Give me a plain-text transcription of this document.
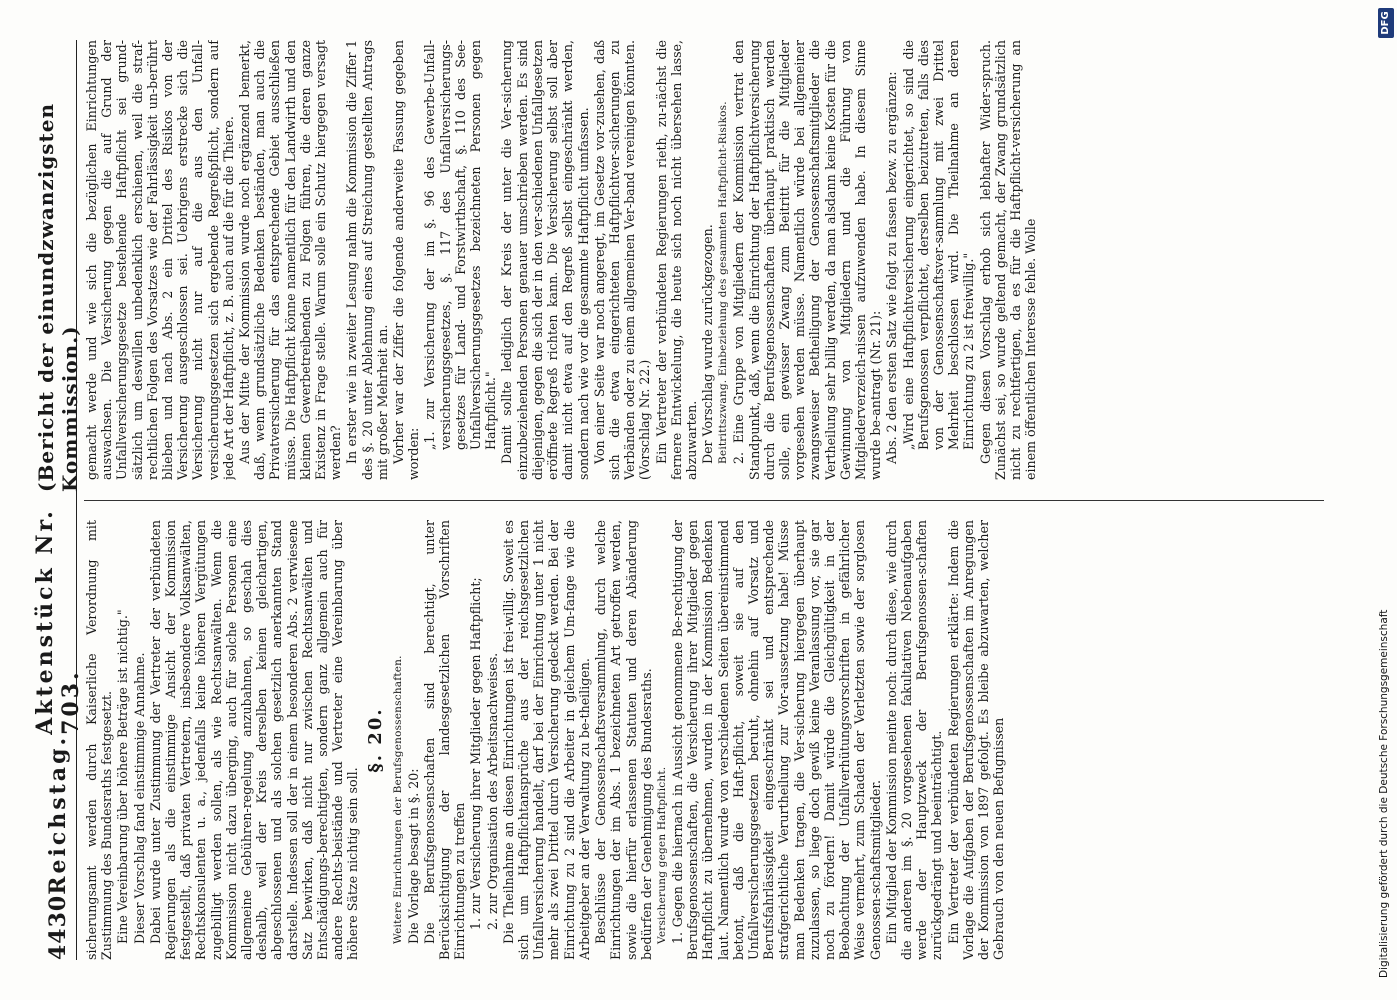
4430
Reichstag.
Aktenstück Nr. 703.
(Bericht der einundzwanzigsten Kommission.)

sicherungsamt werden durch Kaiserliche Verordnung mit Zustimmung des Bundesraths festgesetzt. Eine Vereinbarung über höhere Beträge ist nichtig." Dieser Vorschlag fand einstimmige Annahme. Dabei wurde unter Zustimmung der Vertreter der verbündeten Regierungen als die einstimmige Ansicht der Kommission festgestellt, daß privaten Vertretern, insbesondere Volksanwälten, Rechtskonsulenten u. a., jedenfalls keine höheren Vergütungen zugebilligt werden sollen, als wie Rechtsanwälten. Wenn die Kommission nicht dazu überging, auch für solche Personen eine allgemeine Gebühren-regelung anzubahnen, so geschah dies deshalb, weil der Kreis derselben keinen gleichartigen, abgeschlossenen und als solchen gesetzlich anerkannten Stand darstelle. Indessen soll der in einem besonderen Abs. 2 verwiesene Satz bewirken, daß nicht nur zwischen Rechtsanwälten und Entschädigungs-berechtigten, sondern ganz allgemein auch für andere Rechts-beistände und Vertreter eine Vereinbarung über höhere Sätze nichtig sein soll.

§. 20. Weitere Einrichtungen der Berufsgenossenschaften. Die Vorlage besagt in §. 20: Die Berufsgenossenschaften sind berechtigt, unter Berücksichtigung der landesgesetzlichen Vorschriften Einrichtungen zu treffen 1. zur Versicherung ihrer Mitglieder gegen Haftpflicht; 2. zur Organisation des Arbeitsnachweises. Die Theilnahme an diesen Einrichtungen ist frei-willig. Soweit es sich um Haftpflichtansprüche aus der reichsgesetzlichen Unfallversicherung handelt, darf bei der Einrichtung unter 1 nicht mehr als zwei Drittel durch Versicherung gedeckt werden. Bei der Einrichtung zu 2 sind die Arbeiter in gleichem Um-fange wie die Arbeitgeber an der Verwaltung zu be-theiligen. Beschlüsse der Genossenschaftsversammlung, durch welche Einrichtungen der im Abs. 1 bezeichneten Art getroffen werden, sowie die hierfür erlassenen Statuten und deren Abänderung bedürfen der Genehmigung des Bundesraths. Versicherung gegen Haftpflicht. 1. Gegen die hiernach in Aussicht genommene Be-rechtigung der Berufsgenossenschaften, die Versicherung ihrer Mitglieder gegen Haftpflicht zu übernehmen, wurden in der Kommission Bedenken laut. Namentlich wurde von verschiedenen Seiten übereinstimmend betont, daß die Haft-pflicht, soweit sie auf den Unfallversicherungsgesetzen beruht, ohnehin auf Vorsatz und Berufsfahrlässigkeit eingeschränkt sei und entsprechende strafgerichtliche Verurtheilung zur Vor-aussetzung habe! Müsse man Bedenken tragen, die Ver-sicherung hiergegen überhaupt zuzulassen, so liege doch gewiß keine Veranlassung vor, sie gar noch zu fördern! Damit würde die Gleichgültigkeit in der Beobachtung der Unfallverhütungsvorschriften in gefährlicher Weise vermehrt, zum Schaden der Verletzten sowie der sorglosen Genossen-schaftsmitglieder. Ein Mitglied der Kommission meinte noch: durch diese, wie durch die anderen im §. 20 vorgesehenen fakultativen Nebenaufgaben werde der Hauptzweck der Berufsgenossen-schaften zurückgedrängt und beeinträchtigt. Ein Vertreter der verbündeten Regierungen erklärte: Indem die Vorlage die Aufgaben der Berufsgenossenschaften im Anregungen der Kommission von 1897 gefolgt. Es bleibe abzuwarten, welcher Gebrauch von den neuen Befugnissen

gemacht werde und wie sich die bezüglichen Einrichtungen auswachsen. Die Versicherung gegen die auf Grund der Unfallversicherungsgesetze bestehende Haftpflicht sei grund-sätzlich um deswillen unbedenklich erschienen, weil die straf-rechtlichen Folgen des Vorsatzes wie der Fahrlässigkeit un-berührt blieben und nach Abs. 2 ein Drittel des Risikos von der Versicherung ausgeschlossen sei. Uebrigens erstrecke sich die Versicherung nicht nur auf die aus den Unfall-versicherungsgesetzen sich ergebende Regreßpflicht, sondern auf jede Art der Haftpflicht, z. B. auch auf die für die Thiere. Aus der Mitte der Kommission wurde noch ergänzend bemerkt, daß, wenn grundsätzliche Bedenken beständen, man auch die Privatversicherung für das entsprechende Gebiet ausschließen müsse. Die Haftpflicht könne namentlich für den Landwirth und den kleinen Gewerbetreibenden zu Folgen führen, die deren ganze Existenz in Frage stelle. Warum solle ein Schutz hiergegen versagt werden? In erster wie in zweiter Lesung nahm die Kommission die Ziffer 1 des §. 20 unter Ablehnung eines auf Streichung gestellten Antrags mit großer Mehrheit an. Vorher war der Ziffer die folgende anderweite Fassung gegeben worden:

„1. zur Versicherung der im §. 96 des Gewerbe-Unfall-versicherungsgesetzes, §. 117 des Unfallversicherungs-gesetzes für Land- und Forstwirthschaft, §. 110 des See-Unfallversicherungsgesetzes bezeichneten Personen gegen Haftpflicht." Damit sollte lediglich der Kreis der unter die Ver-sicherung einzubeziehenden Personen genauer umschrieben werden. Es sind diejenigen, gegen die sich der in den ver-schiedenen Unfallgesetzen eröffnete Regreß richten kann. Die Versicherung selbst soll aber damit nicht etwa auf den Regreß selbst eingeschränkt werden, sondern nach wie vor die gesammte Haftpflicht umfassen. Von einer Seite war noch angeregt, im Gesetze vor-zusehen, daß sich die etwa eingerichteten Haftpflichtver-sicherungen zu Verbänden oder zu einem allgemeinen Ver-band vereinigen könnten. (Vorschlag Nr. 22.) Ein Vertreter der verbündeten Regierungen rieth, zu-nächst die fernere Entwickelung, die heute sich noch nicht übersehen lasse, abzuwarten. Der Vorschlag wurde zurückgezogen. Beitrittszwang. Einbeziehung des gesammten Haftpflicht-Risikos. 2. Eine Gruppe von Mitgliedern der Kommission vertrat den Standpunkt, daß, wenn die Einrichtung der Haftpflichtversicherung durch die Berufsgenossenschaften überhaupt praktisch werden solle, ein gewisser Zwang zum Beitritt für die Mitglieder vorgesehen werden müsse. Namentlich würde bei allgemeiner zwangsweiser Betheiligung der Genossenschaftsmitglieder die Vertheilung sehr billig werden, da man alsdann keine Kosten für die Gewinnung von Mitgliedern und die Führung von Mitgliederverzeich-nissen aufzuwenden habe. In diesem Sinne wurde be-antragt (Nr. 21): Abs. 2 den ersten Satz wie folgt zu fassen bezw. zu ergänzen: „Wird eine Haftpflichtversicherung eingerichtet, so sind die Berufsgenossen verpflichtet, derselben beizutreten, falls dies von der Genossenschaftsver-sammlung mit zwei Drittel Mehrheit beschlossen wird. Die Theilnahme an deren Einrichtung zu 2 ist freiwillig." Gegen diesen Vorschlag erhob sich lebhafter Wider-spruch. Zunächst sei, so wurde geltend gemacht, der Zwang grundsätzlich nicht zu rechtfertigen, da es für die Haftpflicht-versicherung an einem öffentlichen Interesse fehle. Wolle

DFG
Digitalisierung gefördert durch die Deutsche Forschungsgemeinschaft
